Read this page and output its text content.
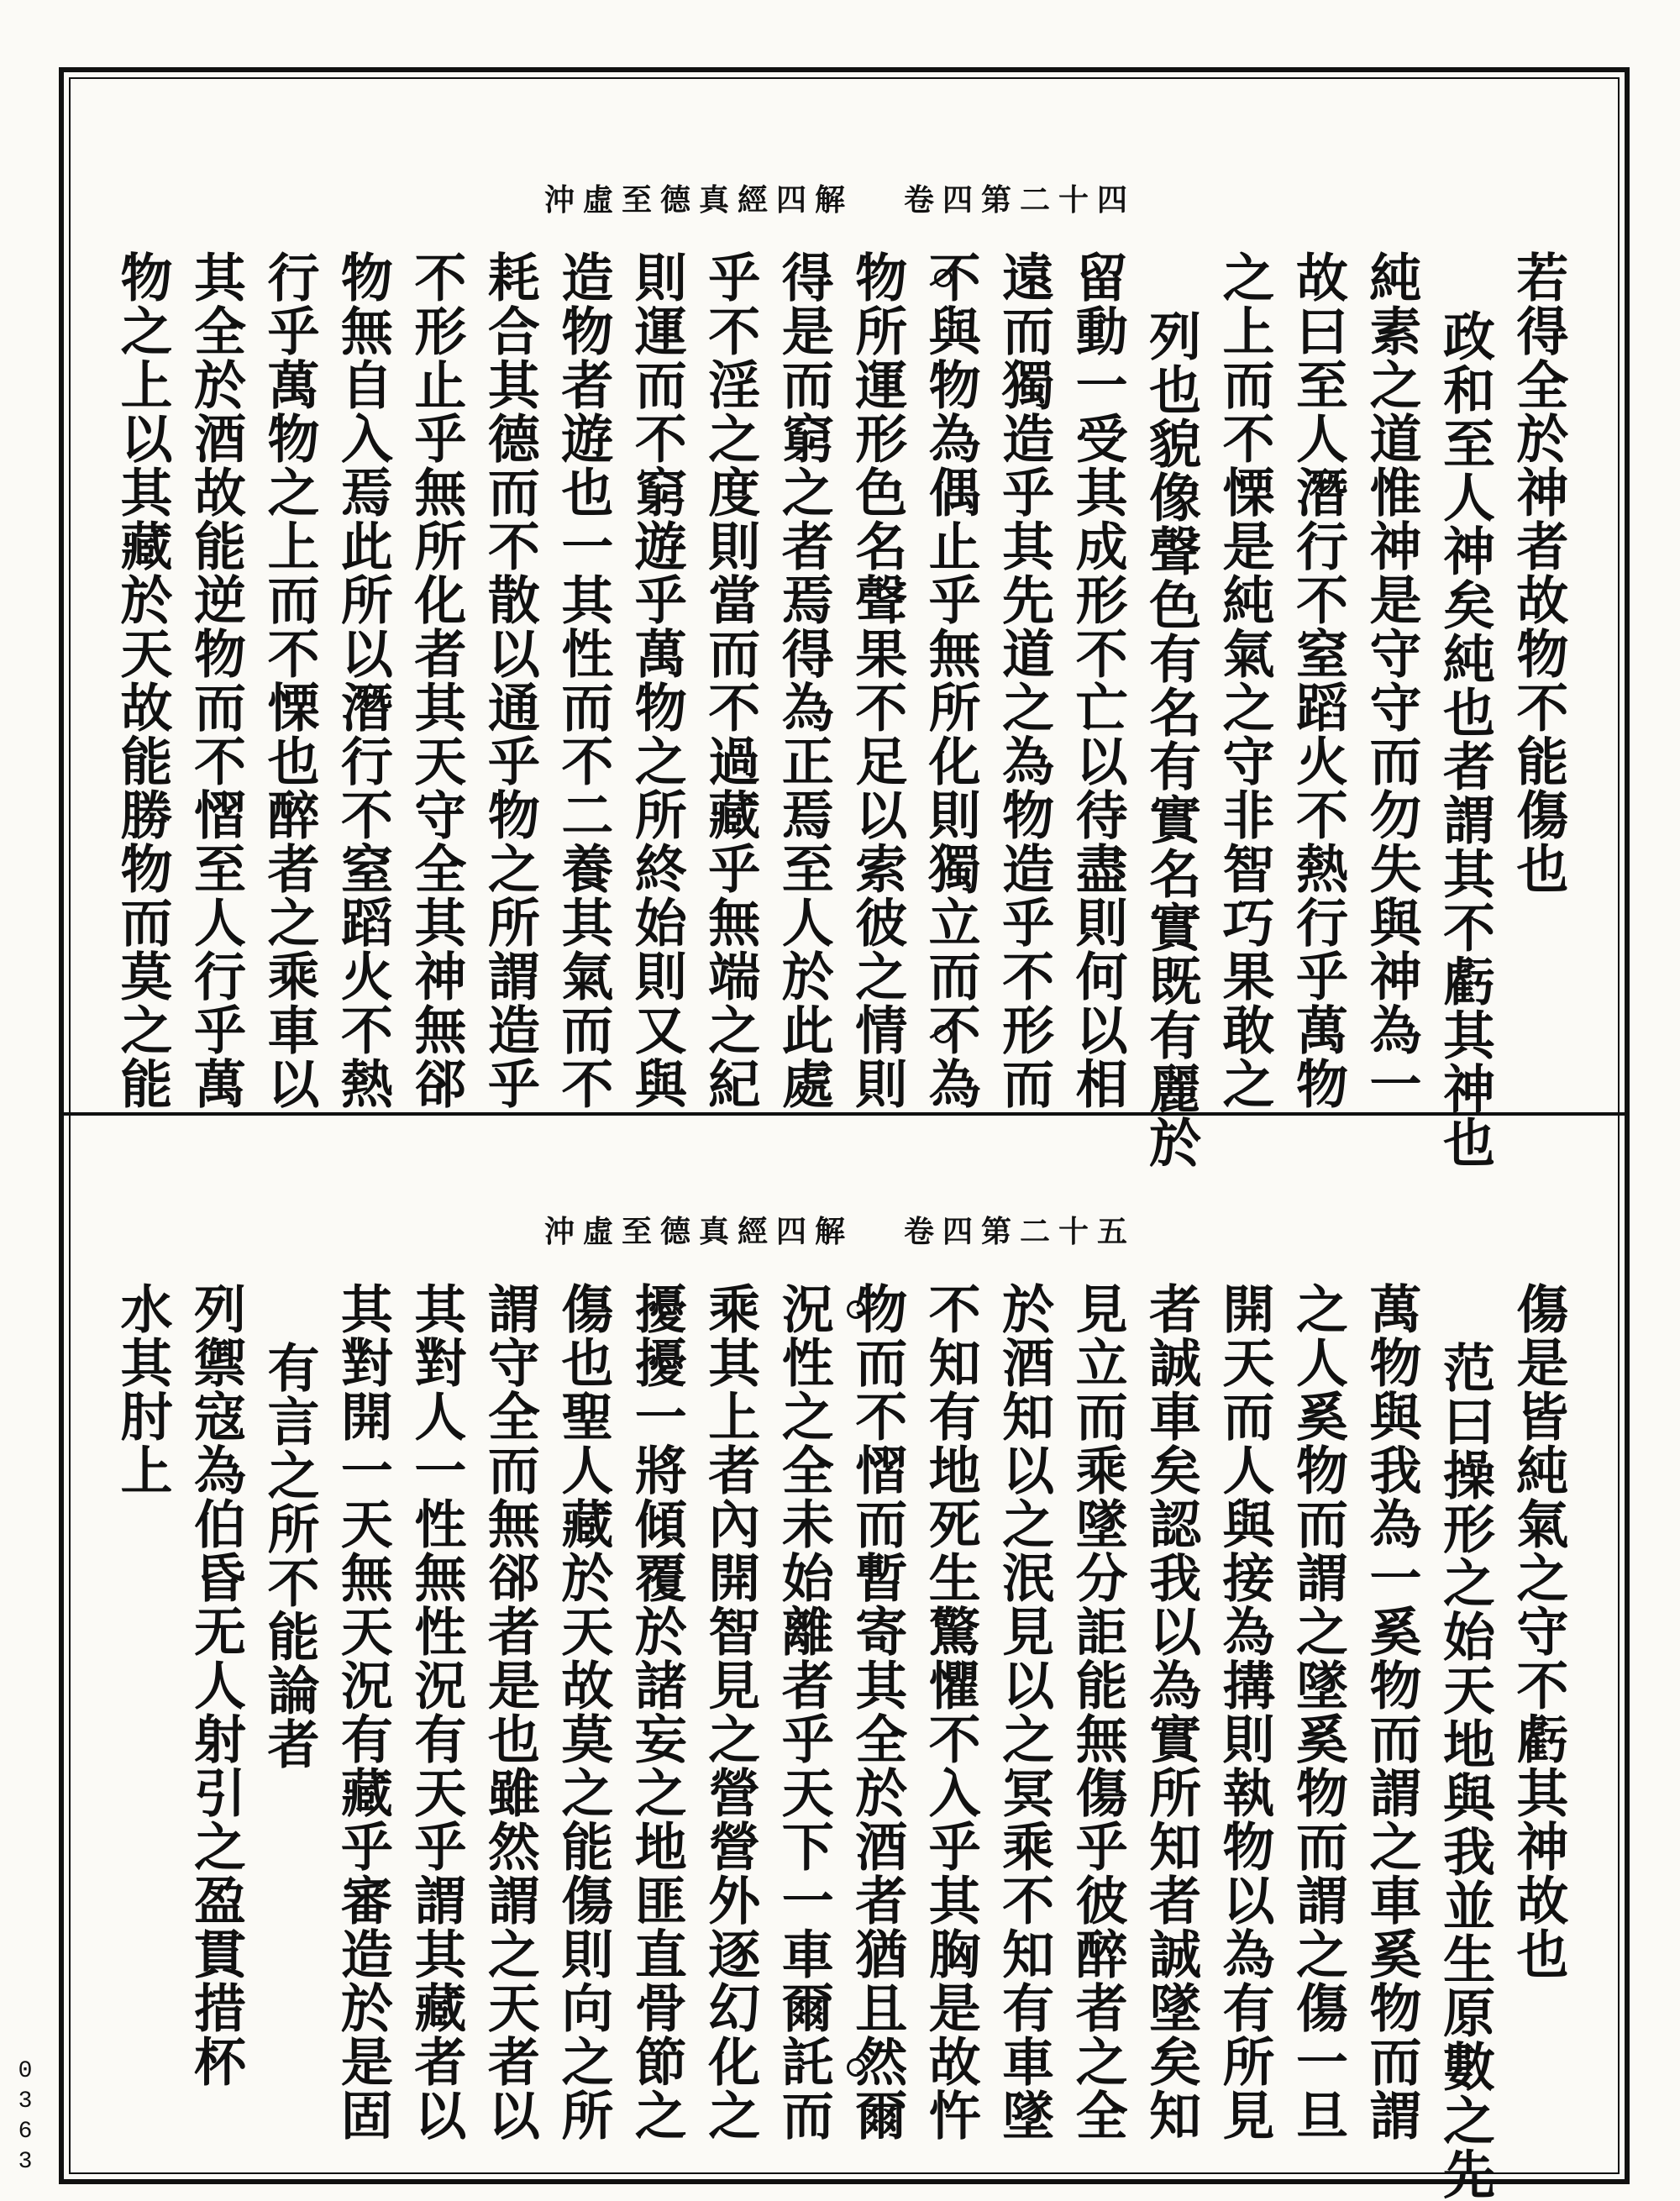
沖虛至德真經四解 卷四第二十四
若得全於神者故物不能傷也
政和至人神矣純也者謂其不虧其神也
純素之道惟神是守守而勿失與神為一
故曰至人潛行不窒蹈火不熱行乎萬物
之上而不慄是純氣之守非智巧果敢之
列也貌像聲色有名有實名實既有麗於
留動一受其成形不亡以待盡則何以相
遠而獨造乎其先道之為物造乎不形而
不與物為偶止乎無所化則獨立而不為
物所運形色名聲果不足以索彼之情則
得是而窮之者焉得為正焉至人於此處
乎不淫之度則當而不過藏乎無端之紀
則運而不窮遊乎萬物之所終始則又與
造物者遊也一其性而不二養其氣而不
耗合其德而不散以通乎物之所謂造乎
不形止乎無所化者其天守全其神無郤
物無自入焉此所以潛行不窒蹈火不熱
行乎萬物之上而不慄也醉者之乘車以
其全於酒故能逆物而不慴至人行乎萬
物之上以其藏於天故能勝物而莫之能
沖虛至德真經四解 卷四第二十五
傷是皆純氣之守不虧其神故也
范曰操形之始天地與我並生原數之先
萬物與我為一奚物而謂之車奚物而謂
之人奚物而謂之墜奚物而謂之傷一旦
開天而人與接為搆則執物以為有所見
者誠車矣認我以為實所知者誠墜矣知
見立而乘墜分詎能無傷乎彼醉者之全
於酒知以之泯見以之冥乘不知有車墜
不知有地死生驚懼不入乎其胸是故忤
物而不慴而暫寄其全於酒者猶且然爾
況性之全未始離者乎天下一車爾託而
乘其上者內開智見之營營外逐幻化之
擾擾一將傾覆於諸妄之地匪直骨節之
傷也聖人藏於天故莫之能傷則向之所
謂守全而無郤者是也雖然謂之天者以
其對人一性無性況有天乎謂其藏者以
其對開一天無天況有藏乎審造於是固
有言之所不能論者
列禦寇為伯昏无人射引之盈貫措杯
水其肘上
0
3
6
3
